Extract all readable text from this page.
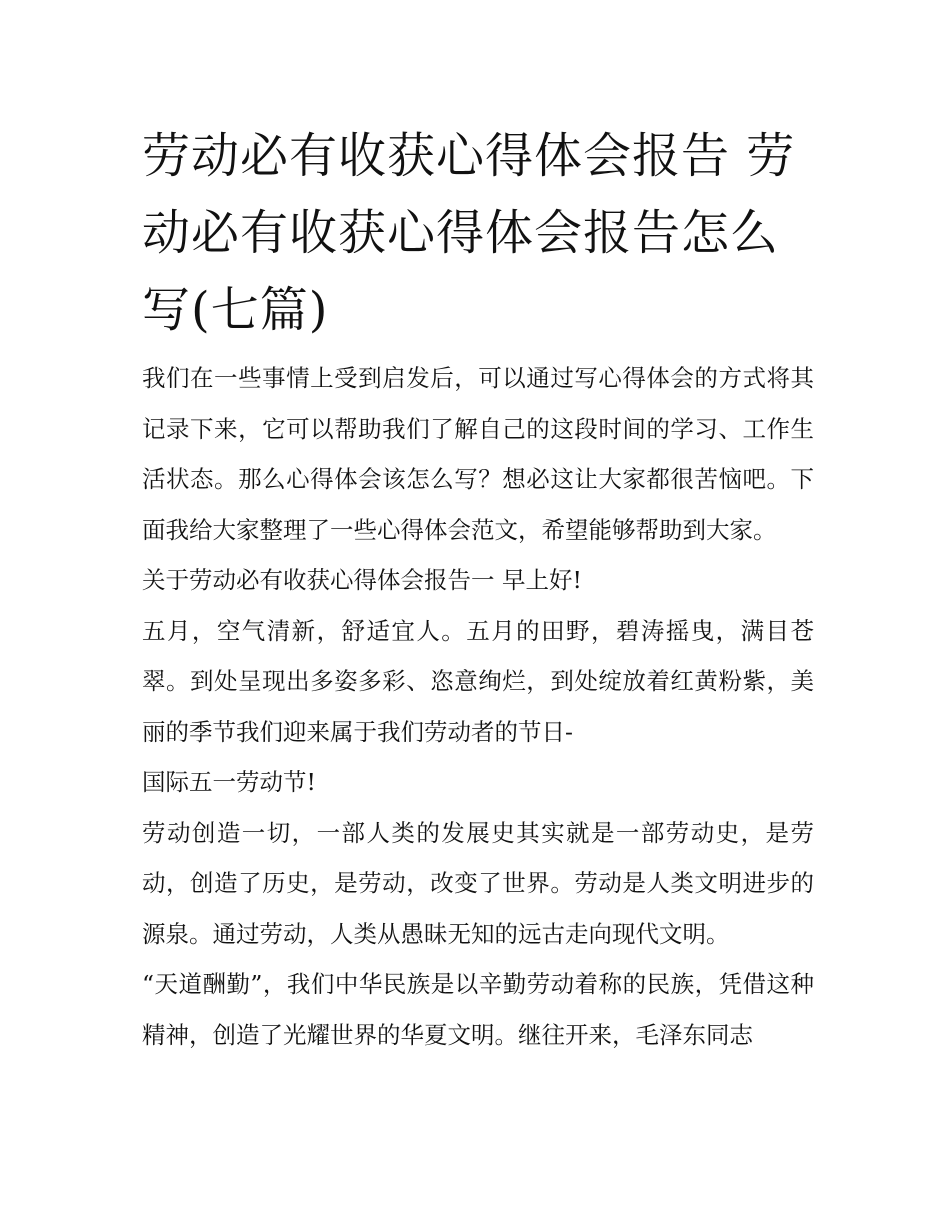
劳动必有收获心得体会报告 劳动必有收获心得体会报告怎么写(七篇)

我们在一些事情上受到启发后，可以通过写心得体会的方式将其记录下来，它可以帮助我们了解自己的这段时间的学习、工作生活状态。那么心得体会该怎么写？想必这让大家都很苦恼吧。下面我给大家整理了一些心得体会范文，希望能够帮助到大家。

关于劳动必有收获心得体会报告一 早上好!

五月，空气清新，舒适宜人。五月的田野，碧涛摇曳，满目苍翠。到处呈现出多姿多彩、恣意绚烂，到处绽放着红黄粉紫，美丽的季节我们迎来属于我们劳动者的节日-

国际五一劳动节!

劳动创造一切，一部人类的发展史其实就是一部劳动史，是劳动，创造了历史，是劳动，改变了世界。劳动是人类文明进步的源泉。通过劳动，人类从愚昧无知的远古走向现代文明。

“天道酬勤”，我们中华民族是以辛勤劳动着称的民族，凭借这种精神，创造了光耀世界的华夏文明。继往开来，毛泽东同志
